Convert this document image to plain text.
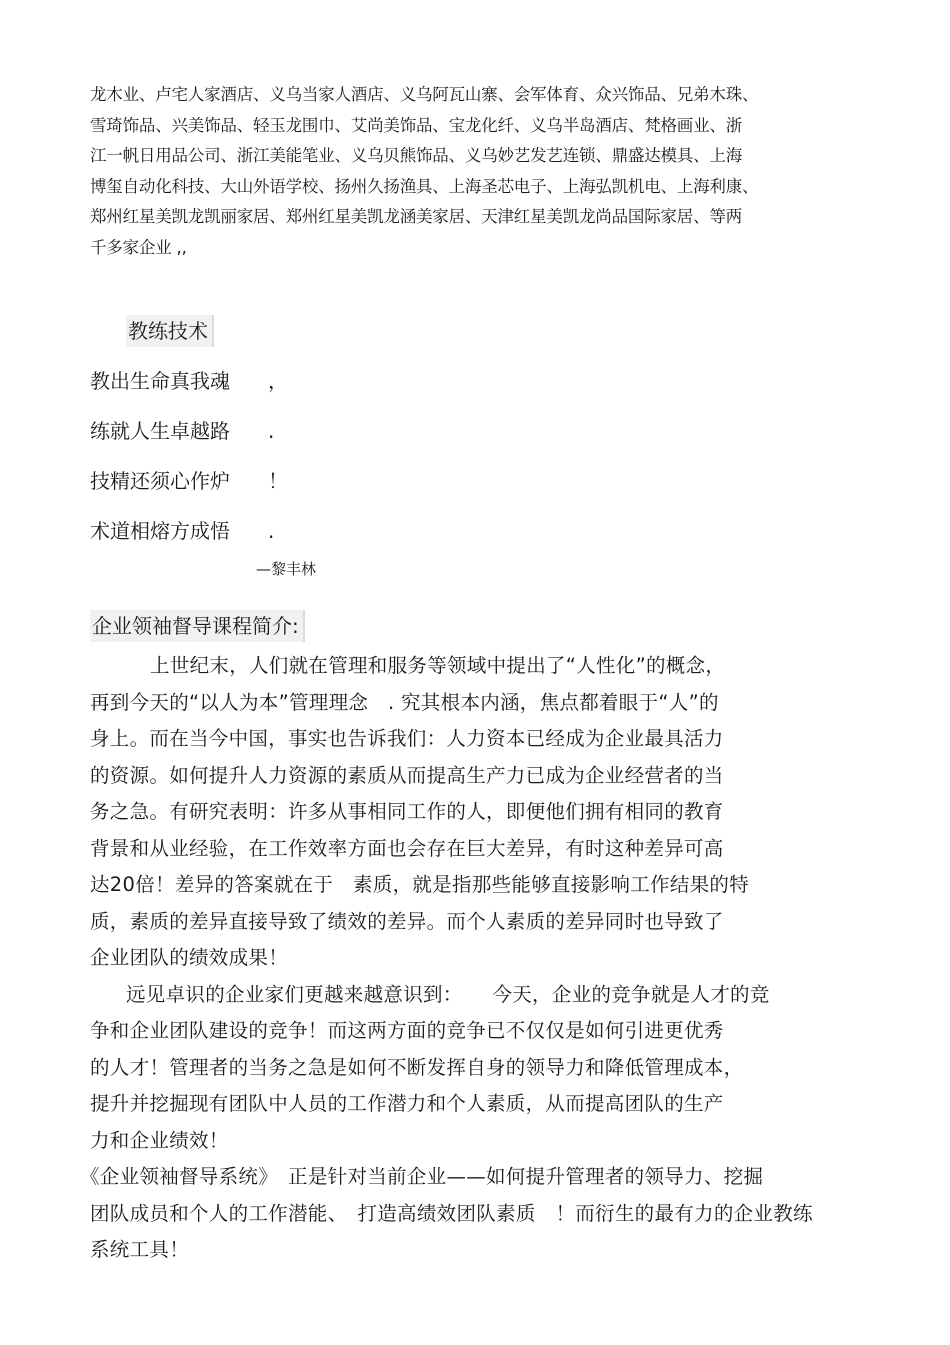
龙木业、卢宅人家酒店、义乌当家人酒店、义乌阿瓦山寨、会军体育、众兴饰品、兄弟木珠、
雪琦饰品、兴美饰品、轻玉龙围巾、艾尚美饰品、宝龙化纤、义乌半岛酒店、梵格画业、浙
江一帆日用品公司、浙江美能笔业、义乌贝熊饰品、义乌妙艺发艺连锁、鼎盛达模具、上海
博玺自动化科技、大山外语学校、扬州久扬渔具、上海圣芯电子、上海弘凯机电、上海利康、
郑州红星美凯龙凯丽家居、郑州红星美凯龙涵美家居、天津红星美凯龙尚品国际家居、等两
千多家企业 ,,
教练技术
教出生命真我魂 ，
练就人生卓越路 .
技精还须心作炉 ！
术道相熔方成悟 .
—黎丰林
企业领袖督导课程简介:
上世纪末，人们就在管理和服务等领域中提出了“人性化”的概念，
再到今天的“以人为本”管理理念　. 究其根本内涵，焦点都着眼于“人”的
身上。而在当今中国，事实也告诉我们：人力资本已经成为企业最具活力
的资源。如何提升人力资源的素质从而提高生产力已成为企业经营者的当
务之急。有研究表明：许多从事相同工作的人，即便他们拥有相同的教育
背景和从业经验，在工作效率方面也会存在巨大差异，有时这种差异可高
达20倍！差异的答案就在于　素质，就是指那些能够直接影响工作结果的特
质，素质的差异直接导致了绩效的差异。而个人素质的差异同时也导致了
企业团队的绩效成果！
远见卓识的企业家们更越来越意识到：　　今天，企业的竞争就是人才的竞
争和企业团队建设的竞争！而这两方面的竞争已不仅仅是如何引进更优秀
的人才！管理者的当务之急是如何不断发挥自身的领导力和降低管理成本，
提升并挖掘现有团队中人员的工作潜力和个人素质，从而提高团队的生产
力和企业绩效！
《企业领袖督导系统》　正是针对当前企业——如何提升管理者的领导力、挖掘
团队成员和个人的工作潜能、　打造高绩效团队素质　！而衍生的最有力的企业教练
系统工具！
